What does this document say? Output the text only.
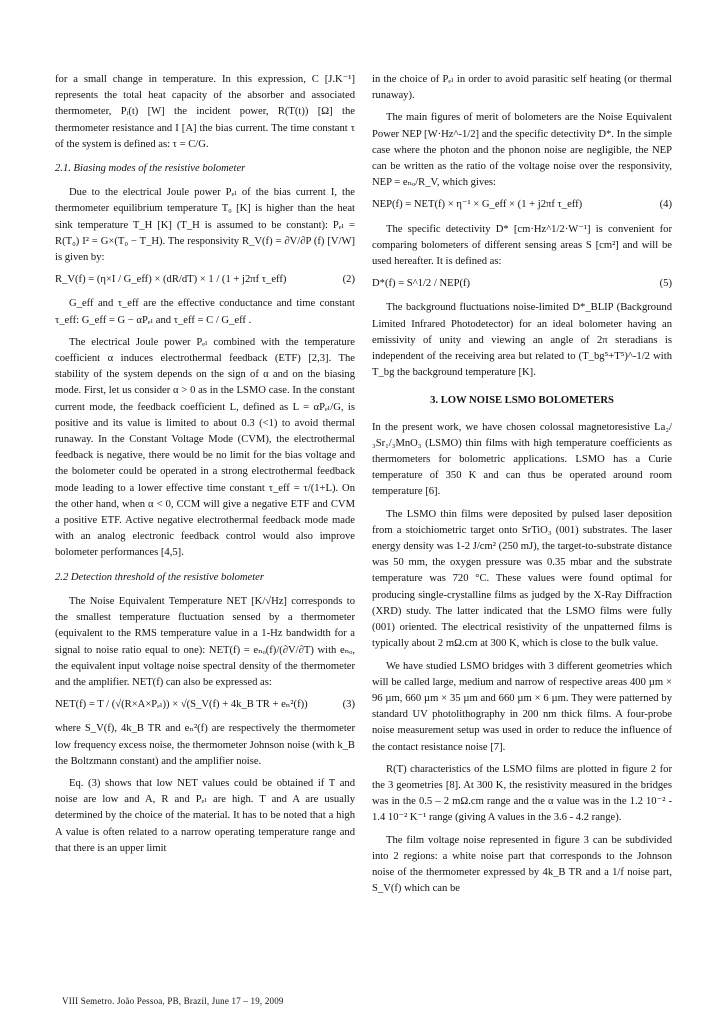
for a small change in temperature. In this expression, C [J.K⁻¹] represents the total heat capacity of the absorber and associated thermometer, Pᵢ(t) [W] the incident power, R(T(t)) [Ω] the thermometer resistance and I [A] the bias current. The time constant τ of the system is defined as: τ = C/G.

2.1. Biasing modes of the resistive bolometer

Due to the electrical Joule power Pₑₗ of the bias current I, the thermometer equilibrium temperature T₀ [K] is higher than the heat sink temperature T_H [K] (T_H is assumed to be constant): Pₑₗ = R(T₀) I² = G×(T₀ − T_H). The responsivity R_V(f) = ∂V/∂P (f) [V/W] is given by:

R_V(f) = (η×I / G_eff) × (dR/dT) × 1 / (1 + j2πf τ_eff)	(2)

G_eff and τ_eff are the effective conductance and time constant τ_eff: G_eff = G − αPₑₗ and τ_eff = C / G_eff .

The electrical Joule power Pₑₗ combined with the temperature coefficient α induces electrothermal feedback (ETF) [2,3]. The stability of the system depends on the sign of α and on the biasing mode. First, let us consider α > 0 as in the LSMO case. In the constant current mode, the feedback coefficient L, defined as L = αPₑₗ/G, is positive and its value is limited to about 0.3 (<1) to avoid thermal runaway. In the Constant Voltage Mode (CVM), the electrothermal feedback is negative, there would be no limit for the bias voltage and the bolometer could be operated in a strong electrothermal feedback mode leading to a lower effective time constant τ_eff = τ/(1+L). On the other hand, when α < 0, CCM will give a negative ETF and CVM a positive ETF. Active negative electrothermal feedback mode made with an analog electronic feedback control would also improve bolometer performances [4,5].

2.2 Detection threshold of the resistive bolometer

The Noise Equivalent Temperature NET [K/√Hz] corresponds to the smallest temperature fluctuation sensed by a thermometer (equivalent to the RMS temperature value in a 1-Hz bandwidth for a signal to noise ratio equal to one): NET(f) = eₙₒ(f)/(∂V/∂T) with eₙₒ, the equivalent input voltage noise spectral density of the thermometer and the amplifier. NET(f) can also be expressed as:

NET(f) = T / (√(R×A×Pₑₗ)) × √(S_V(f) + 4k_B TR + eₙ²(f))	(3)

where S_V(f), 4k_B TR and eₙ²(f) are respectively the thermometer low frequency excess noise, the thermometer Johnson noise (with k_B the Boltzmann constant) and the amplifier noise.

Eq. (3) shows that low NET values could be obtained if T and noise are low and A, R and Pₑₗ are high. T and A are usually determined by the choice of the material. It has to be noted that a high A value is often related to a narrow operating temperature range and that there is an upper limit

in the choice of Pₑₗ in order to avoid parasitic self heating (or thermal runaway).

The main figures of merit of bolometers are the Noise Equivalent Power NEP [W·Hz^-1/2] and the specific detectivity D*. In the simple case where the photon and the phonon noise are negligible, the NEP can be written as the ratio of the voltage noise over the responsivity, NEP = eₙₒ/R_V, which gives:

NEP(f) = NET(f) × η⁻¹ × G_eff × (1 + j2πf τ_eff)	(4)

The specific detectivity D* [cm·Hz^1/2·W⁻¹] is convenient for comparing bolometers of different sensing areas S [cm²] and will be used hereafter. It is defined as:

D*(f) = S^1/2 / NEP(f)	(5)

The background fluctuations noise-limited D*_BLIP (Background Limited Infrared Photodetector) for an ideal bolometer having an emissivity of unity and viewing an angle of 2π steradians is independent of the receiving area but related to (T_bg⁵+T⁵)^-1/2 with T_bg the background temperature [K].

3. LOW NOISE LSMO BOLOMETERS

In the present work, we have chosen colossal magnetoresistive La₂/₃Sr₁/₃MnO₃ (LSMO) thin films with high temperature coefficients as thermometers for bolometric applications. LSMO has a Curie temperature of 350 K and can thus be operated around room temperature [6].

The LSMO thin films were deposited by pulsed laser deposition from a stoichiometric target onto SrTiO₃ (001) substrates. The laser energy density was 1-2 J/cm² (250 mJ), the target-to-substrate distance was 50 mm, the oxygen pressure was 0.35 mbar and the substrate temperature was 720 °C. These values were found optimal for producing single-crystalline films as judged by the X-Ray Diffraction (XRD) study. The latter indicated that the LSMO films were fully (001) oriented. The electrical resistivity of the unpatterned films is typically about 2 mΩ.cm at 300 K, which is close to the bulk value.

We have studied LSMO bridges with 3 different geometries which will be called large, medium and narrow of respective areas 400 µm × 96 µm, 660 µm × 35 µm and 660 µm × 6 µm. They were patterned by standard UV photolithography in 200 nm thick films. A four-probe noise measurement setup was used in order to reduce the influence of the contact resistance noise [7].

R(T) characteristics of the LSMO films are plotted in figure 2 for the 3 geometries [8]. At 300 K, the resistivity measured in the bridges was in the 0.5 – 2 mΩ.cm range and the α value was in the 1.2 10⁻² - 1.4 10⁻² K⁻¹ range (giving A values in the 3.6 - 4.2 range).

The film voltage noise represented in figure 3 can be subdivided into 2 regions: a white noise part that corresponds to the Johnson noise of the thermometer expressed by 4k_B TR and a 1/f noise part, S_V(f) which can be

VIII Semetro. João Pessoa, PB, Brazil, June 17 – 19, 2009
